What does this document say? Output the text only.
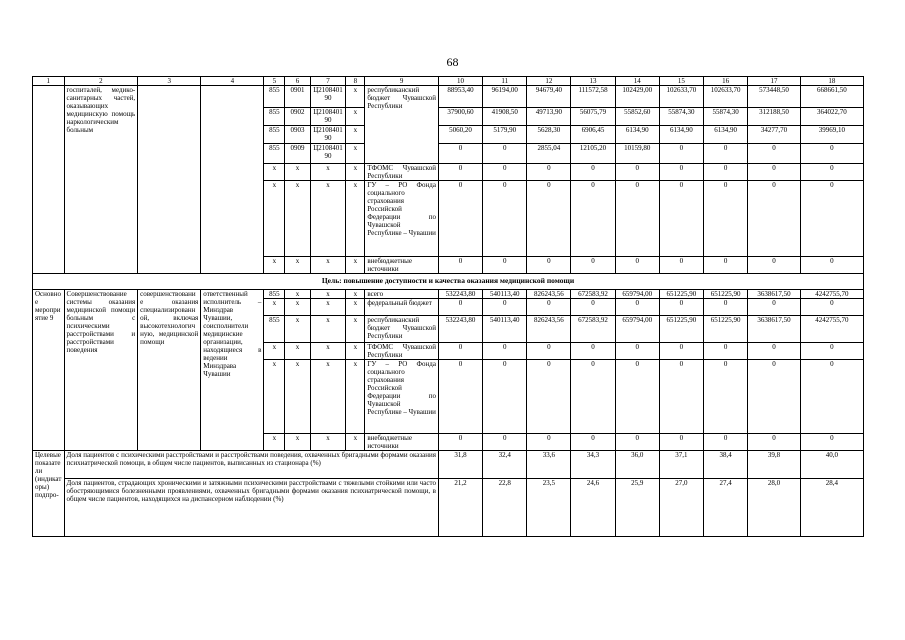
68
1	2	3	4	5	6	7	8	9	10	11	12	13	14	15	16	17	18
	госпиталей, медико-санитарных частей, оказывающих медицинскую помощь наркологическим больным			855	0901	Ц2108401 90	x	республиканский бюджет Чувашской Республики	88953,40	96194,00	94679,40	111572,58	102429,00	102633,70	102633,70	573448,50	668661,50
				855	0902	Ц2108401 90	x		37900,60	41908,50	49713,90	56075,79	55852,60	55874,30	55874,30	312188,50	364022,70
				855	0903	Ц2108401 90	x		5060,20	5179,90	5628,30	6906,45	6134,90	6134,90	6134,90	34277,70	39969,10
				855	0909	Ц2108401 90	x		0	0	2855,04	12105,20	10159,80	0	0	0	0
				x	x	x	x	ТФОМС Чувашской Республики	0	0	0	0	0	0	0	0	0
				x	x	x	x	ГУ – РО Фонда социального страхования Российской Федерации по Чувашской Республике – Чувашии	0	0	0	0	0	0	0	0	0
				x	x	x	x	внебюджетные источники	0	0	0	0	0	0	0	0	0
Цель: повышение доступности и качества оказания медицинской помощи																	
Основное мероприятие 9	Совершенствование системы оказания медицинской помощи больным с психическими расстройствами и расстройствами поведения	совершенствование оказания специализированной, включая высокотехнологичную, медицинской помощи	ответственный исполнитель – Минздрав Чувашии, соисполнители медицинские организации, находящиеся в ведении Минздрава Чувашии	855	x	x	x	всего	532243,80	540113,40	826243,56	672583,92	659794,00	651225,90	651225,90	3638617,50	4242755,70
				x	x	x	x	федеральный бюджет	0	0	0	0	0	0	0	0	0
				855	x	x	x	республиканский бюджет Чувашской Республики	532243,80	540113,40	826243,56	672583,92	659794,00	651225,90	651225,90	3638617,50	4242755,70
				x	x	x	x	ТФОМС Чувашской Республики	0	0	0	0	0	0	0	0	0
				x	x	x	x	ГУ – РО Фонда социального страхования Российской Федерации по Чувашской Республике – Чувашии	0	0	0	0	0	0	0	0	0
				x	x	x	x	внебюджетные источники	0	0	0	0	0	0	0	0	0
Целевые показатели (индикаторы) подпро-	Доля пациентов с психическими расстройствами и расстройствами поведения, охваченных бригадными формами оказания психиатрической помощи, в общем числе пациентов, выписанных из стационара (%)								31,8	32,4	33,6	34,3	36,0	37,1	38,4	39,8	40,0
	Доля пациентов, страдающих хроническими и затяжными психическими расстройствами с тяжелыми стойкими или часто обостряющимися болезненными проявлениями, охваченных бригадными формами оказания психиатрической помощи, в общем числе пациентов, находящихся на диспансерном наблюдении (%)								21,2	22,8	23,5	24,6	25,9	27,0	27,4	28,0	28,4
